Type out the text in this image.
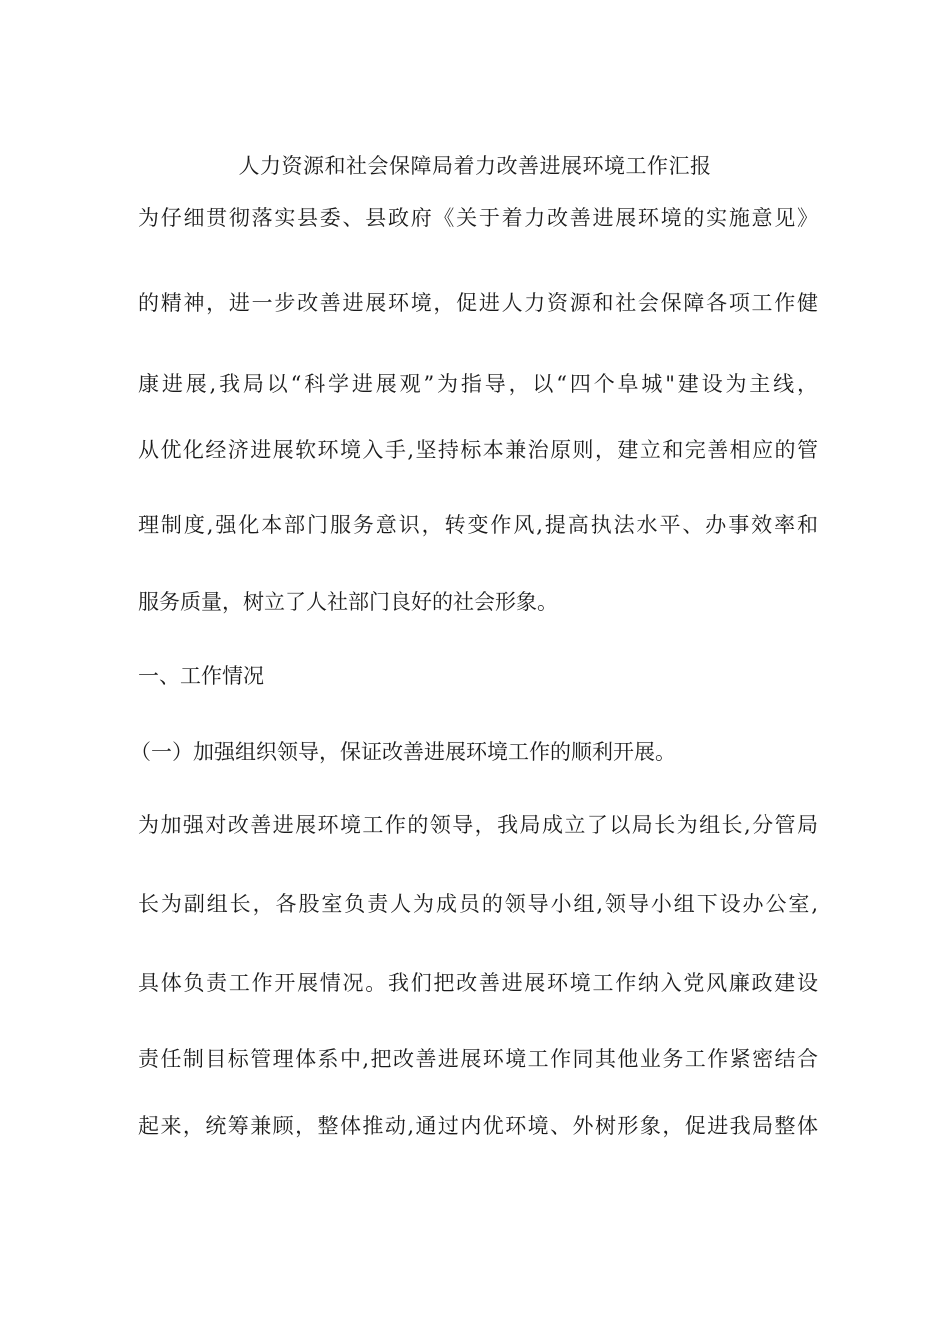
人力资源和社会保障局着力改善进展环境工作汇报
为仔细贯彻落实县委、县政府《关于着力改善进展环境的实施意见》
的精神，进一步改善进展环境，促进人力资源和社会保障各项工作健
康进展,我局以“科学进展观”为指导，以“四个阜城"建设为主线，
从优化经济进展软环境入手,坚持标本兼治原则，建立和完善相应的管
理制度,强化本部门服务意识，转变作风,提高执法水平、办事效率和
服务质量，树立了人社部门良好的社会形象。
一、工作情况
（一）加强组织领导，保证改善进展环境工作的顺利开展。
为加强对改善进展环境工作的领导，我局成立了以局长为组长,分管局
长为副组长，各股室负责人为成员的领导小组,领导小组下设办公室,
具体负责工作开展情况。我们把改善进展环境工作纳入党风廉政建设
责任制目标管理体系中,把改善进展环境工作同其他业务工作紧密结合
起来，统筹兼顾，整体推动,通过内优环境、外树形象，促进我局整体
